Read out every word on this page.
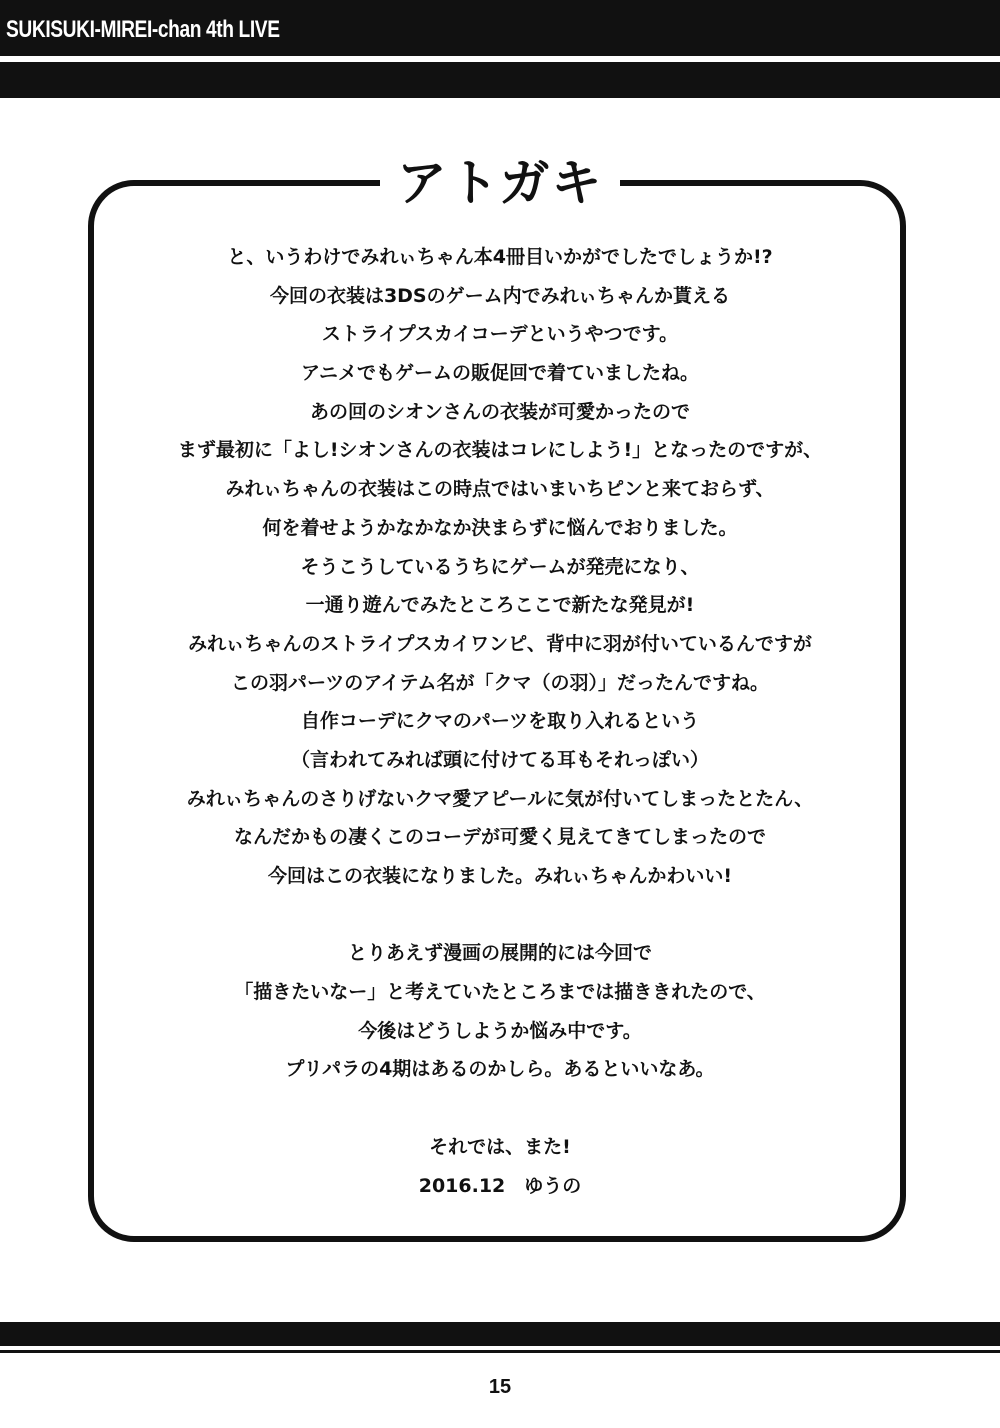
SUKISUKI-MIREI-chan 4th LIVE
アトガキ
と、いうわけでみれぃちゃん本4冊目いかがでしたでしょうか!?
今回の衣装は3DSのゲーム内でみれぃちゃんか貰える
ストライプスカイコーデというやつです。
アニメでもゲームの販促回で着ていましたね。
あの回のシオンさんの衣装が可愛かったので
まず最初に「よし!シオンさんの衣装はコレにしよう!」となったのですが、
みれぃちゃんの衣装はこの時点ではいまいちピンと来ておらず、
何を着せようかなかなか決まらずに悩んでおりました。
そうこうしているうちにゲームが発売になり、
一通り遊んでみたところここで新たな発見が!
みれぃちゃんのストライプスカイワンピ、背中に羽が付いているんですが
この羽パーツのアイテム名が「クマ（の羽）」だったんですね。
自作コーデにクマのパーツを取り入れるという
（言われてみれば頭に付けてる耳もそれっぽい）
みれぃちゃんのさりげないクマ愛アピールに気が付いてしまったとたん、
なんだかもの凄くこのコーデが可愛く見えてきてしまったので
今回はこの衣装になりました。みれぃちゃんかわいい!
とりあえず漫画の展開的には今回で
「描きたいなー」と考えていたところまでは描ききれたので、
今後はどうしようか悩み中です。
プリパラの4期はあるのかしら。あるといいなあ。
それでは、また!
2016.12　ゆうの
15
